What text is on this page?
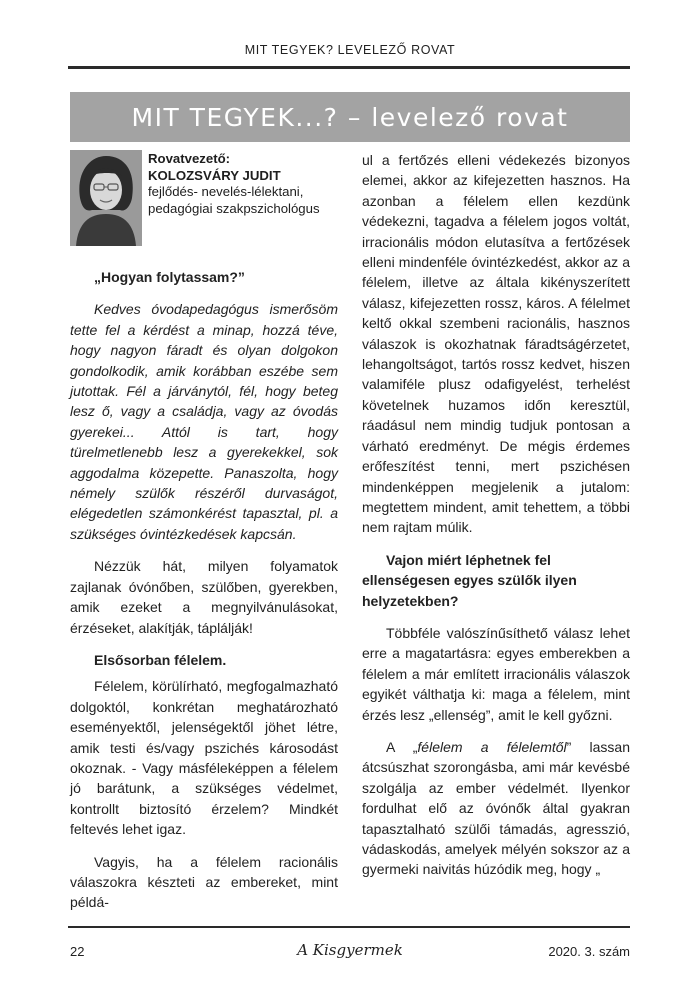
MIT TEGYEK? LEVELEZŐ ROVAT
MIT TEGYEK...? – levelező rovat
Rovatvezető:
KOLOZSVÁRY JUDIT
fejlődés- nevelés-lélektani, pedagógiai szakpszichológus

„Hogyan folytassam?”

Kedves óvodapedagógus ismerősöm tette fel a kérdést a minap, hozzá téve, hogy nagyon fáradt és olyan dolgokon gondolkodik, amik korábban eszébe sem jutottak. Fél a járványtól, fél, hogy beteg lesz ő, vagy a családja, vagy az óvodás gyerekei... Attól is tart, hogy türelmetlenebb lesz a gyerekekkel, sok aggodalma közepette. Panaszolta, hogy némely szülők részéről durvaságot, elégedetlen számonkérést tapasztal, pl. a szükséges óvintézkedések kapcsán.

Nézzük hát, milyen folyamatok zajlanak óvónőben, szülőben, gyerekben, amik ezeket a megnyilvánulásokat, érzéseket, alakítják, táplálják!

Elsősorban félelem.

Félelem, körülírható, megfogalmazható dolgoktól, konkrétan meghatározható eseményektől, jelenségektől jöhet létre, amik testi és/vagy pszichés károsodást okoznak. - Vagy másféleképpen a félelem jó barátunk, a szükséges védelmet, kontrollt biztosító érzelem? Mindkét feltevés lehet igaz.

Vagyis, ha a félelem racionális válaszokra készteti az embereket, mint példá-

ul a fertőzés elleni védekezés bizonyos elemei, akkor az kifejezetten hasznos. Ha azonban a félelem ellen kezdünk védekezni, tagadva a félelem jogos voltát, irracionális módon elutasítva a fertőzések elleni mindenféle óvintézkedést, akkor az a félelem, illetve az általa kikényszerített válasz, kifejezetten rossz, káros. A félelmet keltő okkal szembeni racionális, hasznos válaszok is okozhatnak fáradtságérzetet, lehangoltságot, tartós rossz kedvet, hiszen valamiféle plusz odafigyelést, terhelést követelnek huzamos időn keresztül, ráadásul nem mindig tudjuk pontosan a várható eredményt. De mégis érdemes erőfeszítést tenni, mert pszichésen mindenképpen megjelenik a jutalom: megtettem mindent, amit tehettem, a többi nem rajtam múlik.

Vajon miért léphetnek fel ellenségesen egyes szülők ilyen helyzetekben?

Többféle valószínűsíthető válasz lehet erre a magatartásra: egyes emberekben a félelem a már említett irracionális válaszok egyikét válthatja ki: maga a félelem, mint érzés lesz „ellenség”, amit le kell győzni.

A „félelem a félelemtől” lassan átcsúszhat szorongásba, ami már kevésbé szolgálja az ember védelmét. Ilyenkor fordulhat elő az óvónők által gyakran tapasztalható szülői támadás, agresszió, vádaskodás, amelyek mélyén sokszor az a gyermeki naivitás húzódik meg, hogy „

22	A Kisgyermek	2020. 3. szám
